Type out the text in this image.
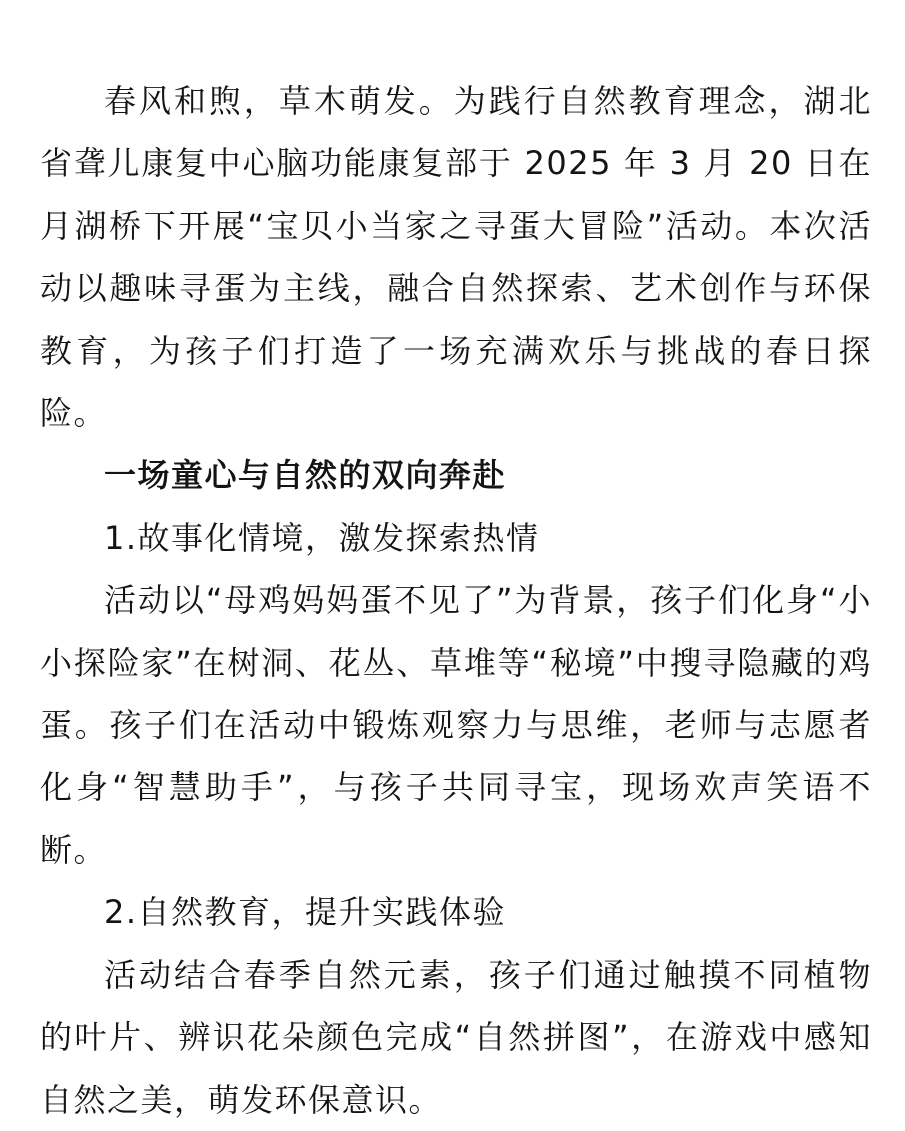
春风和煦，草木萌发。为践行自然教育理念，湖北省聋儿康复中心脑功能康复部于 2025 年 3 月 20 日在月湖桥下开展“宝贝小当家之寻蛋大冒险”活动。本次活动以趣味寻蛋为主线，融合自然探索、艺术创作与环保教育，为孩子们打造了一场充满欢乐与挑战的春日探险。

一场童心与自然的双向奔赴

1.故事化情境，激发探索热情

活动以“母鸡妈妈蛋不见了”为背景，孩子们化身“小小探险家”在树洞、花丛、草堆等“秘境”中搜寻隐藏的鸡蛋。孩子们在活动中锻炼观察力与思维，老师与志愿者化身“智慧助手”，与孩子共同寻宝，现场欢声笑语不断。

2.自然教育，提升实践体验

活动结合春季自然元素，孩子们通过触摸不同植物的叶片、辨识花朵颜色完成“自然拼图”，在游戏中感知自然之美，萌发环保意识。
